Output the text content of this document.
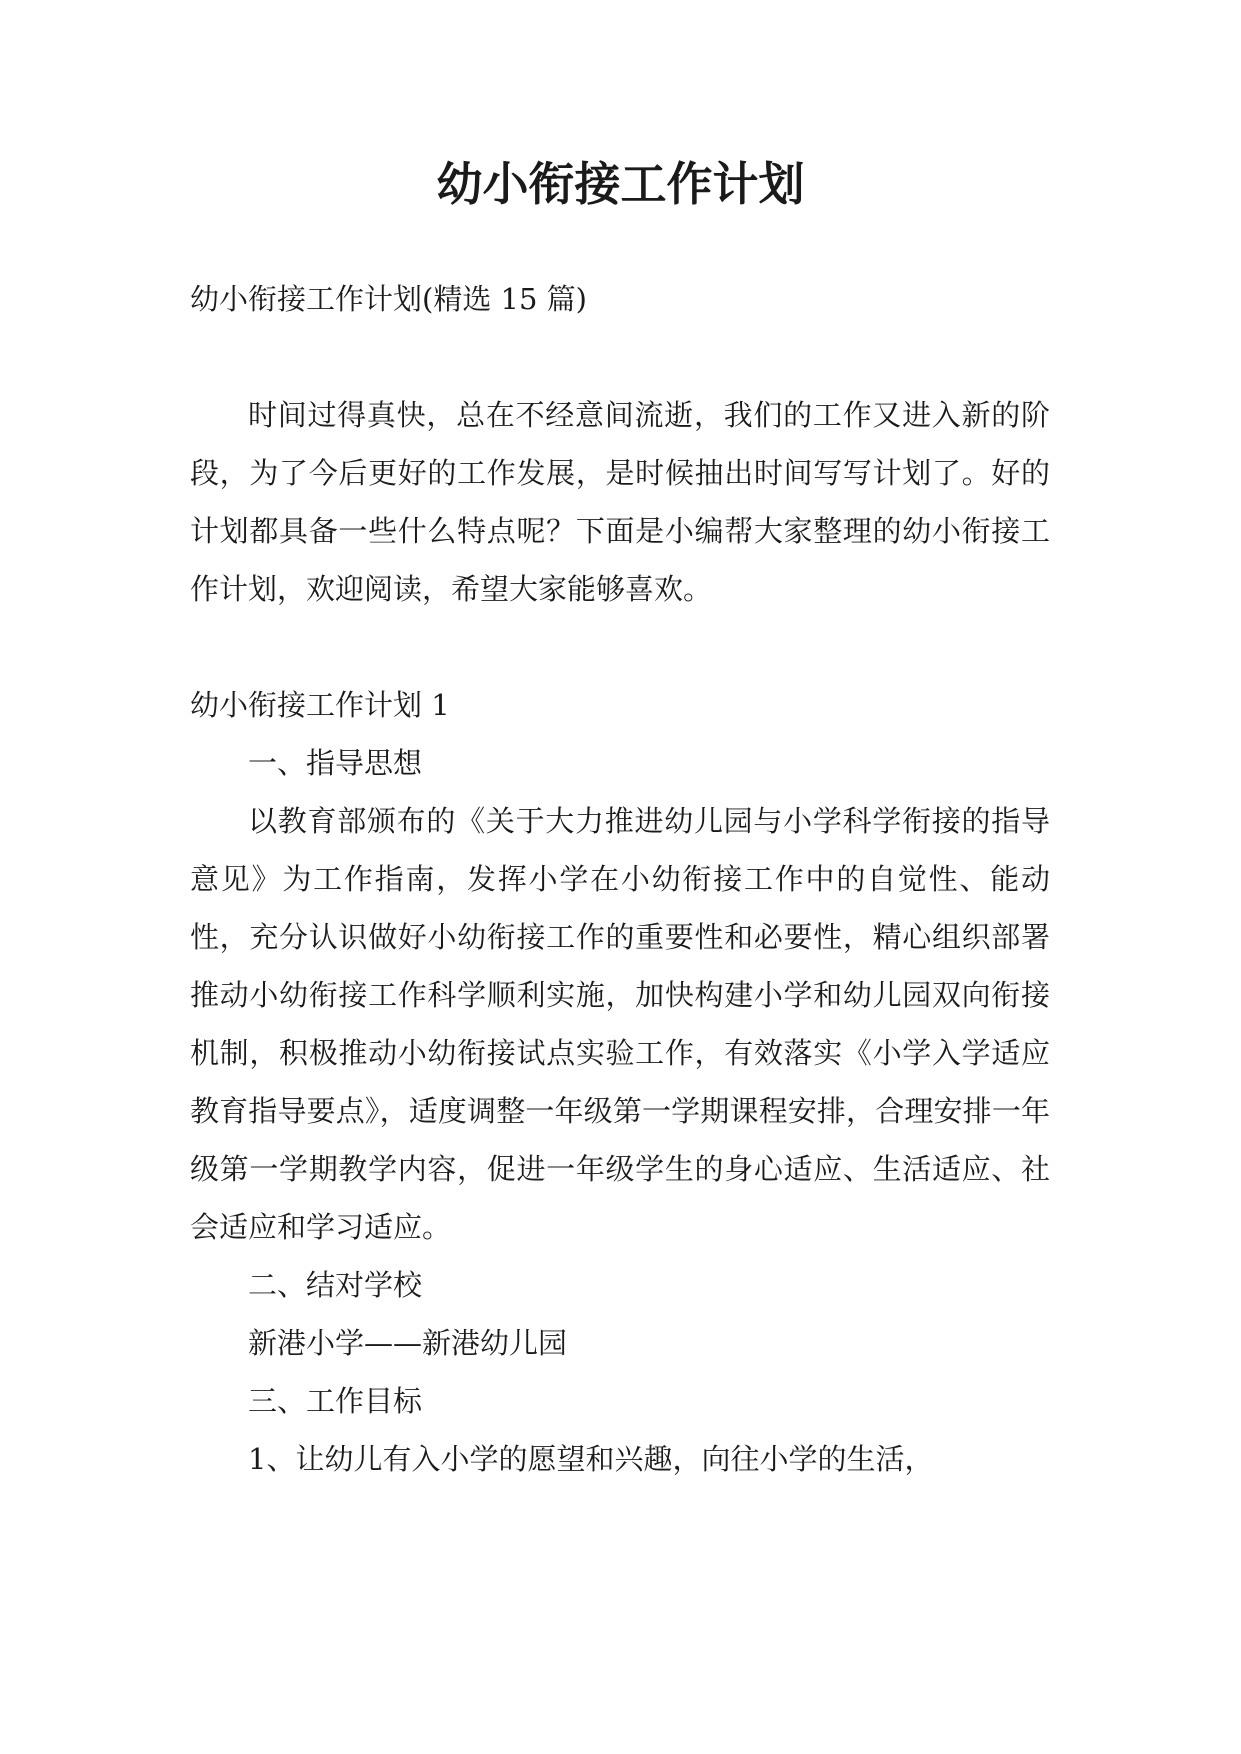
幼小衔接工作计划

幼小衔接工作计划(精选 15 篇)

时间过得真快，总在不经意间流逝，我们的工作又进入新的阶段，为了今后更好的工作发展，是时候抽出时间写写计划了。好的计划都具备一些什么特点呢？下面是小编帮大家整理的幼小衔接工作计划，欢迎阅读，希望大家能够喜欢。

幼小衔接工作计划 1

一、指导思想

以教育部颁布的《关于大力推进幼儿园与小学科学衔接的指导意见》为工作指南，发挥小学在小幼衔接工作中的自觉性、能动性，充分认识做好小幼衔接工作的重要性和必要性，精心组织部署推动小幼衔接工作科学顺利实施，加快构建小学和幼儿园双向衔接机制，积极推动小幼衔接试点实验工作，有效落实《小学入学适应教育指导要点》，适度调整一年级第一学期课程安排，合理安排一年级第一学期教学内容，促进一年级学生的身心适应、生活适应、社会适应和学习适应。

二、结对学校

新港小学——新港幼儿园

三、工作目标

1、让幼儿有入小学的愿望和兴趣，向往小学的生活，
